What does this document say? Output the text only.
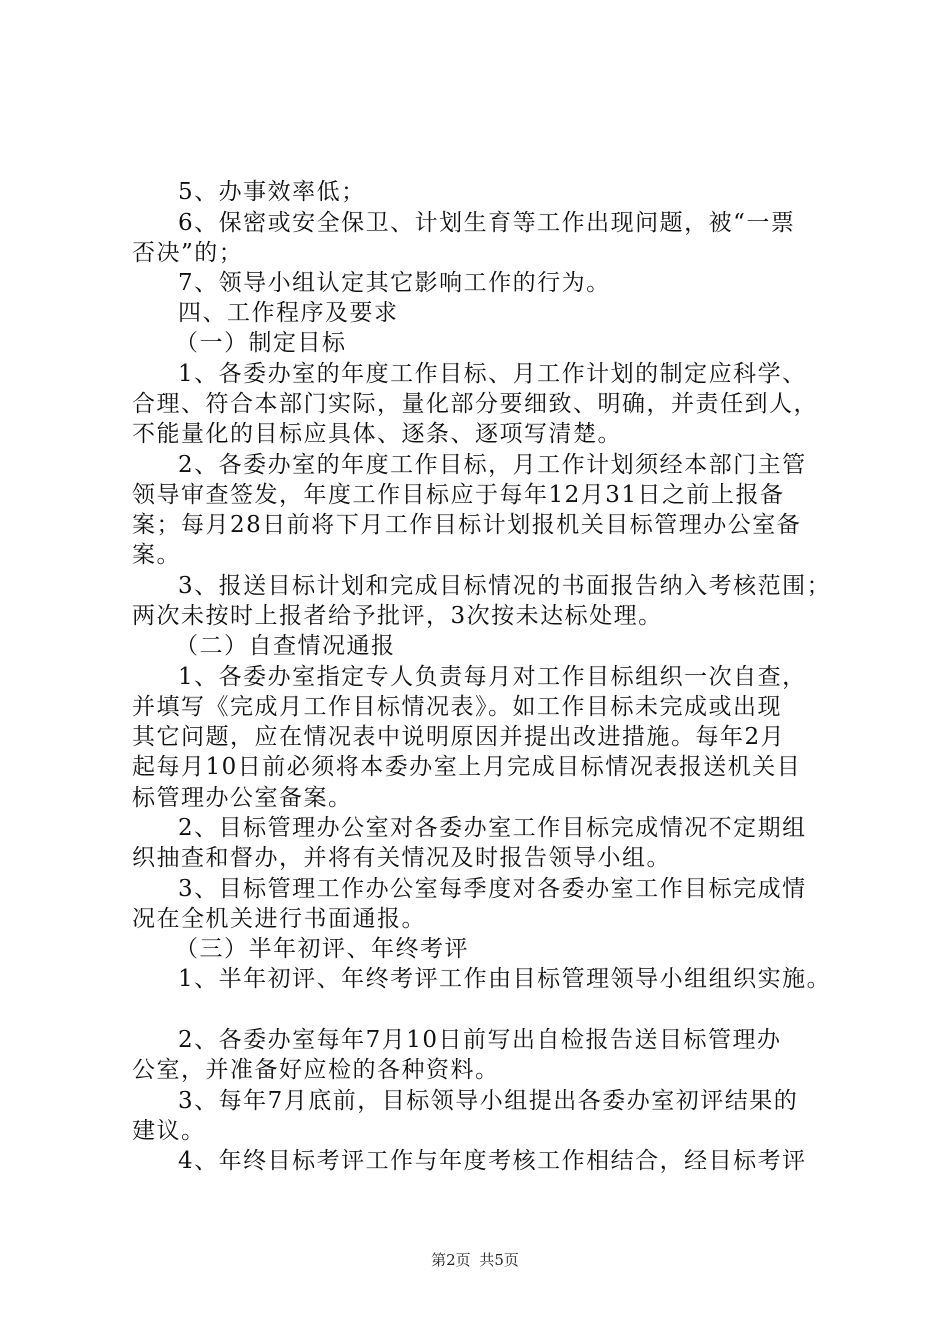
5、办事效率低；
6、保密或安全保卫、计划生育等工作出现问题，被“一票
否决”的；
7、领导小组认定其它影响工作的行为。
四、工作程序及要求
（一）制定目标
1、各委办室的年度工作目标、月工作计划的制定应科学、
合理、符合本部门实际，量化部分要细致、明确，并责任到人，
不能量化的目标应具体、逐条、逐项写清楚。
2、各委办室的年度工作目标，月工作计划须经本部门主管
领导审查签发，年度工作目标应于每年12月31日之前上报备
案；每月28日前将下月工作目标计划报机关目标管理办公室备
案。
3、报送目标计划和完成目标情况的书面报告纳入考核范围；
两次未按时上报者给予批评，3次按未达标处理。
（二）自查情况通报
1、各委办室指定专人负责每月对工作目标组织一次自查，
并填写《完成月工作目标情况表》。如工作目标未完成或出现
其它问题，应在情况表中说明原因并提出改进措施。每年2月
起每月10日前必须将本委办室上月完成目标情况表报送机关目
标管理办公室备案。
2、目标管理办公室对各委办室工作目标完成情况不定期组
织抽查和督办，并将有关情况及时报告领导小组。
3、目标管理工作办公室每季度对各委办室工作目标完成情
况在全机关进行书面通报。
（三）半年初评、年终考评
1、半年初评、年终考评工作由目标管理领导小组组织实施。
2、各委办室每年7月10日前写出自检报告送目标管理办
公室，并准备好应检的各种资料。
3、每年7月底前，目标领导小组提出各委办室初评结果的
建议。
4、年终目标考评工作与年度考核工作相结合，经目标考评
第2页 共5页
